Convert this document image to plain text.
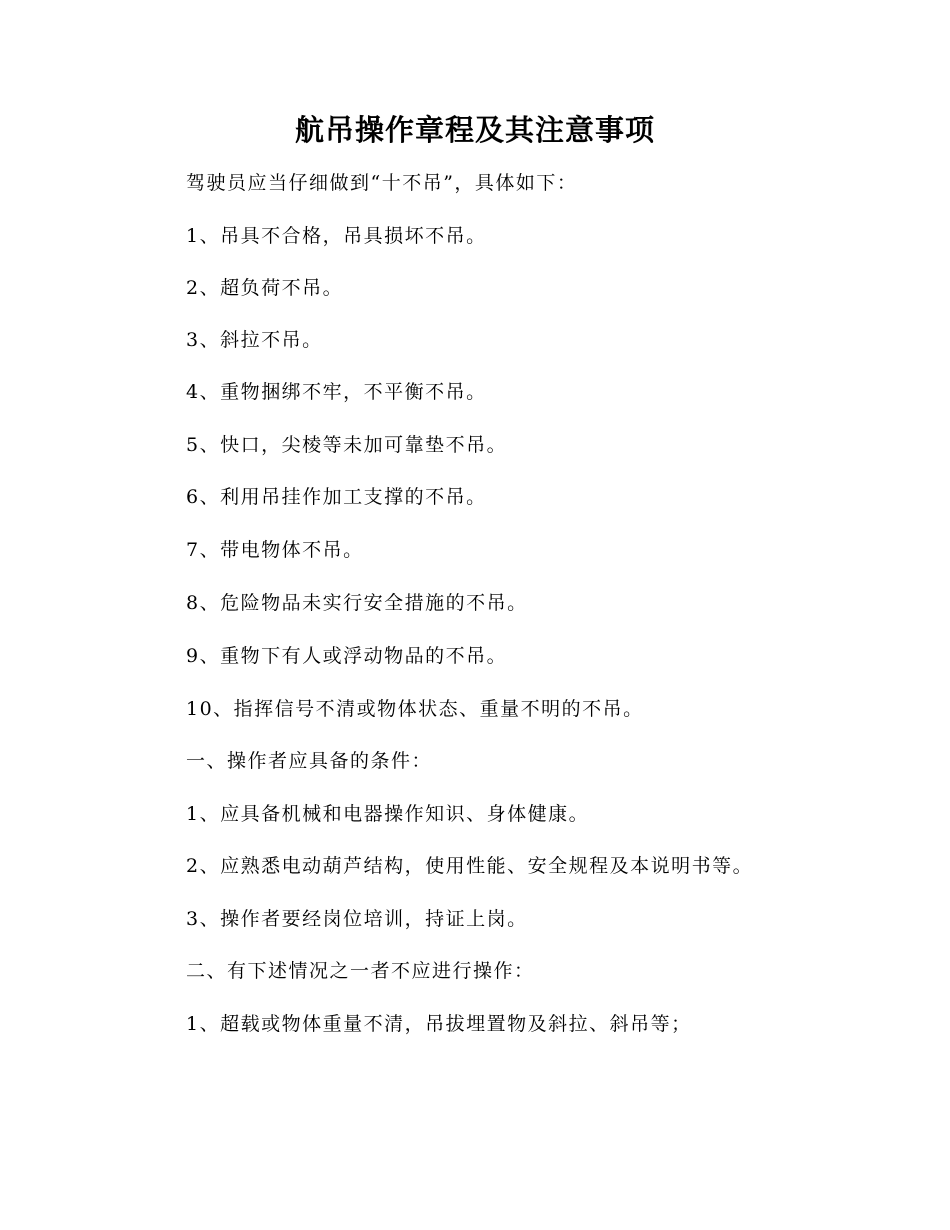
航吊操作章程及其注意事项
驾驶员应当仔细做到“十不吊”，具体如下：
1、吊具不合格，吊具损坏不吊。
2、超负荷不吊。
3、斜拉不吊。
4、重物捆绑不牢，不平衡不吊。
5、快口，尖棱等未加可靠垫不吊。
6、利用吊挂作加工支撑的不吊。
7、带电物体不吊。
8、危险物品未实行安全措施的不吊。
9、重物下有人或浮动物品的不吊。
10、指挥信号不清或物体状态、重量不明的不吊。
一、操作者应具备的条件：
1、应具备机械和电器操作知识、身体健康。
2、应熟悉电动葫芦结构，使用性能、安全规程及本说明书等。
3、操作者要经岗位培训，持证上岗。
二、有下述情况之一者不应进行操作：
1、超载或物体重量不清，吊拔埋置物及斜拉、斜吊等；
